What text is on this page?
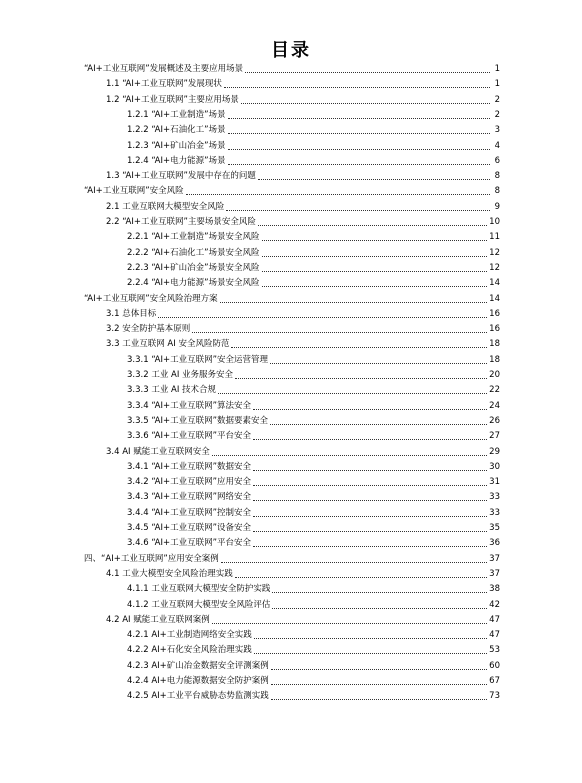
目录
“AI+工业互联网”发展概述及主要应用场景	1
1.1 “AI+工业互联网”发展现状	1
1.2 “AI+工业互联网”主要应用场景	2
1.2.1 “AI+工业制造”场景	2
1.2.2 “AI+石油化工”场景	3
1.2.3 “AI+矿山冶金”场景	4
1.2.4 “AI+电力能源”场景	6
1.3 “AI+工业互联网”发展中存在的问题	8
“AI+工业互联网”安全风险	8
2.1 工业互联网大模型安全风险	9
2.2 “AI+工业互联网”主要场景安全风险	10
2.2.1 “AI+工业制造”场景安全风险	11
2.2.2 “AI+石油化工”场景安全风险	12
2.2.3 “AI+矿山冶金”场景安全风险	12
2.2.4 “AI+电力能源”场景安全风险	14
“AI+工业互联网”安全风险治理方案	14
3.1 总体目标	16
3.2 安全防护基本原则	16
3.3 工业互联网 AI 安全风险防范	18
3.3.1 “AI+工业互联网”安全运营管理	18
3.3.2 工业 AI 业务服务安全	20
3.3.3 工业 AI 技术合规	22
3.3.4 “AI+工业互联网”算法安全	24
3.3.5 “AI+工业互联网”数据要素安全	26
3.3.6 “AI+工业互联网”平台安全	27
3.4 AI 赋能工业互联网安全	29
3.4.1 “AI+工业互联网”数据安全	30
3.4.2 “AI+工业互联网”应用安全	31
3.4.3 “AI+工业互联网”网络安全	33
3.4.4 “AI+工业互联网”控制安全	33
3.4.5 “AI+工业互联网”设备安全	35
3.4.6 “AI+工业互联网”平台安全	36
四、“AI+工业互联网”应用安全案例	37
4.1 工业大模型安全风险治理实践	37
4.1.1 工业互联网大模型安全防护实践	38
4.1.2 工业互联网大模型安全风险评估	42
4.2 AI 赋能工业互联网案例	47
4.2.1 AI+工业制造网络安全实践	47
4.2.2 AI+石化安全风险治理实践	53
4.2.3 AI+矿山冶金数据安全评测案例	60
4.2.4 AI+电力能源数据安全防护案例	67
4.2.5 AI+工业平台威胁态势监测实践	73
